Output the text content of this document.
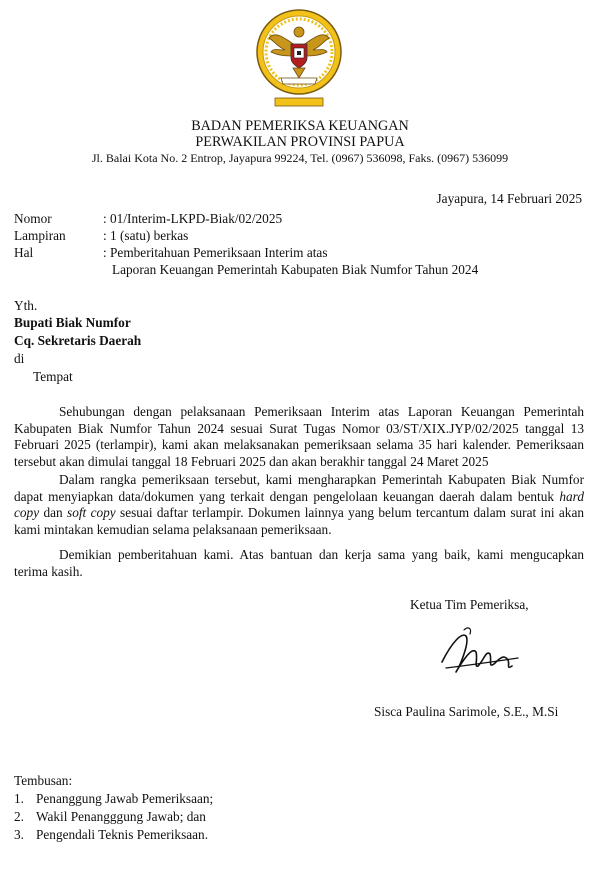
BADAN PEMERIKSA KEUANGAN
PERWAKILAN PROVINSI PAPUA
Jl. Balai Kota No. 2 Entrop, Jayapura 99224, Tel. (0967) 536098, Faks. (0967) 536099
Jayapura, 14 Februari 2025
Nomor	: 01/Interim-LKPD-Biak/02/2025
Lampiran	: 1 (satu) berkas
Hal	: Pemberitahuan Pemeriksaan Interim atas
Laporan Keuangan Pemerintah Kabupaten Biak Numfor Tahun 2024
Yth.
Bupati Biak Numfor
Cq. Sekretaris Daerah
di
Tempat
Sehubungan dengan pelaksanaan Pemeriksaan Interim atas Laporan Keuangan Pemerintah Kabupaten Biak Numfor Tahun 2024 sesuai Surat Tugas Nomor 03/ST/XIX.JYP/02/2025 tanggal 13 Februari 2025 (terlampir), kami akan melaksanakan pemeriksaan selama 35 hari kalender. Pemeriksaan tersebut akan dimulai tanggal 18 Februari 2025 dan akan berakhir tanggal 24 Maret 2025
Dalam rangka pemeriksaan tersebut, kami mengharapkan Pemerintah Kabupaten Biak Numfor dapat menyiapkan data/dokumen yang terkait dengan pengelolaan keuangan daerah dalam bentuk hard copy dan soft copy sesuai daftar terlampir. Dokumen lainnya yang belum tercantum dalam surat ini akan kami mintakan kemudian selama pelaksanaan pemeriksaan.
Demikian pemberitahuan kami. Atas bantuan dan kerja sama yang baik, kami mengucapkan terima kasih.
Ketua Tim Pemeriksa,
Sisca Paulina Sarimole, S.E., M.Si
Tembusan:
1. Penanggung Jawab Pemeriksaan;
2. Wakil Penangggung Jawab; dan
3. Pengendali Teknis Pemeriksaan.
